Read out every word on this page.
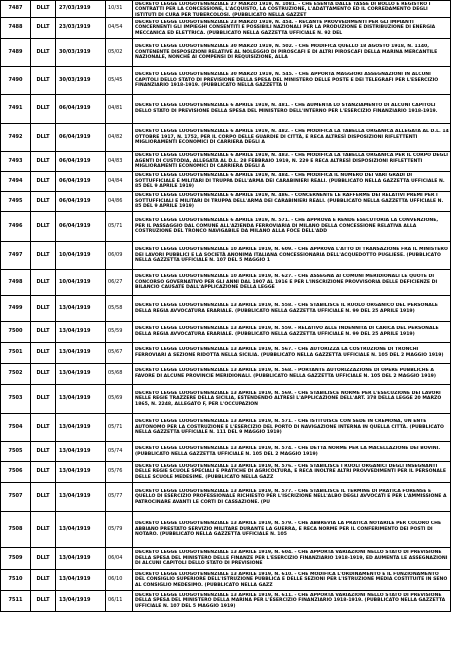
7487	DLLT	27/03/1919	10/31	DECRETO LEGGE LUOGOTENENZIALE 27 MARZO 1919, N. 1081. - CHE ESENTA DALLE TASSE DI BOLLO E REGISTRO I CONTRATTI PER LA CONCESSIONE, L'ACQUISTO, LA COSTRUZIONE, L'ADATTAMENTO ED IL CORREDAMENTO DEGLI ISTITUTI DI CURA PER TUBERCOLOSI. (PUBBLICATO NELLA GAZZET

7488	DLLT	23/03/1919	04/54	DECRETO LEGGE LUOGOTENENZIALE 23 MARZO 1919, N. 454. - RECANTE PROVVEDIMENTI PER GLI IMPIANTI CONCERNENTI GLI IMPIEGHI CONSENTITI E POSSIBILI NAZIONALI PER LA PRODUZIONE E DISTRIBUZIONE DI ENERGIA MECCANICA ED ELETTRICA. (PUBBLICATO NELLA GAZZETTA UFFICIALE N. 92 DEL

7489	DLLT	30/03/1919	05/02	DECRETO LEGGE LUOGOTENENZIALE 30 MARZO 1919, N. 502. - CHE MODIFICA QUELLO 18 AGOSTO 1918, N. 1140, CONTENENTE DISPOSIZIONI RELATIVE AL NOLEGGIO DI PIROSCAFI E DI ALTRI PIROSCAFI DELLA MARINA MERCANTILE NAZIONALE, NONCHÉ AI COMPENSI DI REQUISIZIONE, ALLA

7490	DLLT	30/03/1919	05/45	DECRETO LEGGE LUOGOTENENZIALE 30 MARZO 1919, N. 545. - CHE APPORTA MAGGIORI ASSEGNAZIONI IN ALCUNI CAPITOLI DELLO STATO DI PREVISIONE DELLA SPESA DEL MINISTERO DELLE POSTE E DEI TELEGRAFI PER L'ESERCIZIO FINANZIARIO 1918-1919. (PUBBLICATO NELLA GAZZETTA U

7491	DLLT	06/04/1919	04/81	DECRETO LEGGE LUOGOTENENZIALE 6 APRILE 1919, N. 481. - CHE AUMENTA LO STANZIAMENTO DI ALCUNI CAPITOLI DELLO STATO DI PREVISIONE DELLA SPESA DEL MINISTERO DELL'INTERNO PER L'ESERCIZIO FINANZIARIO 1918-1919.

7492	DLLT	06/04/1919	04/82	DECRETO LEGGE LUOGOTENENZIALE 6 APRILE 1919, N. 482. - CHE MODIFICA LA TABELLA ORGANICA ALLEGATA AL D.L. 14 OTTOBRE 1917, N. 1752, PER IL CORPO DELLE GUARDIE DI CITTÀ, E RECA ALTRESÌ DISPOSIZIONI RIFLETTENTI MIGLIORAMENTI ECONOMICI DI CARRIERA DEGLI A

7493	DLLT	06/04/1919	04/83	DECRETO LEGGE LUOGOTENENZIALE 6 APRILE 1919, N. 483. - CHE MODIFICA LA TABELLA ORGANICA PER IL CORPO DEGLI AGENTI DI CUSTODIA, ALLEGATA AL D.L. 28 FEBBRAIO 1919, N. 229 E RECA ALTRESÌ DISPOSIZIONI RIFLETTENTI MIGLIORAMENTI ECONOMICI DI CARRIERA DEGLI A

7494	DLLT	06/04/1919	04/84	DECRETO LEGGE LUOGOTENENZIALE 6 APRILE 1919, N. 484. - CHE MODIFICA IL NUMERO DEI VARI GRADI DI SOTTUFFICIALE E MILITARI DI TRUPPA DELL'ARMA DEI CARABINIERI REALI. (PUBBLICATO NELLA GAZZETTA UFFICIALE N. 85 DEL 9 APRILE 1919)

7495	DLLT	06/04/1919	04/86	DECRETO LEGGE LUOGOTENENZIALE 6 APRILE 1919, N. 486. - CONCERNENTE LE RAFFERME DEI RELATIVI PREMI PER I SOTTUFFICIALI E MILITARI DI TRUPPA DELL'ARMA DEI CARABINIERI REALI. (PUBBLICATO NELLA GAZZETTA UFFICIALE N. 85 DEL 9 APRILE 1919)

7496	DLLT	06/04/1919	05/71	DECRETO LEGGE LUOGOTENENZIALE 6 APRILE 1919, N. 571. - CHE APPROVA E RENDE ESECUTORIA LA CONVENZIONE, PER IL PASSAGGIO DAL COMUNE ALL'AZIENDA FERROVIARIA DI MILANO DELLA CONCESSIONE RELATIVA ALLA COSTRUZIONE DEL TRONCO NAVIGABILE DA MILANO ALLA FOCE DELL'ADD

7497	DLLT	10/04/1919	06/09	DECRETO LEGGE LUOGOTENENZIALE 10 APRILE 1919, N. 609. - CHE APPROVA L'ATTO DI TRANSAZIONE FRA IL MINISTERO DEI LAVORI PUBBLICI E LA SOCIETÀ ANONIMA ITALIANA CONCESSIONARIA DELL'ACQUEDOTTO PUGLIESE. (PUBBLICATO NELLA GAZZETTA UFFICIALE N. 107 DEL 5 MAGGIO 1

7498	DLLT	10/04/1919	06/27	DECRETO LEGGE LUOGOTENENZIALE 10 APRILE 1919, N. 627. - CHE ASSEGNA AI COMUNI MERIDIONALI LE QUOTE DI CONCORSO GOVERNATIVO PER GLI ANNI DAL 1907 AL 1916 E PER L'INSCRIZIONE PROVVISORIA DELLE DEFICIENZE DI BILANCIO CAUSATE DALL'APPLICAZIONE DELLA LEGGE

7499	DLLT	13/04/1919	05/58	DECRETO LEGGE LUOGOTENENZIALE 13 APRILE 1919, N. 558. - CHE STABILISCE IL RUOLO ORGANICO DEL PERSONALE DELLA REGIA AVVOCATURA ERARIALE. (PUBBLICATO NELLA GAZZETTA UFFICIALE N. 99 DEL 25 APRILE 1919)

7500	DLLT	13/04/1919	05/59	DECRETO LEGGE LUOGOTENENZIALE 13 APRILE 1919, N. 559. - RELATIVO ALLE INDENNITÀ DI CARICA DEL PERSONALE DELLA REGIA AVVOCATURA ERARIALE. (PUBBLICATO NELLA GAZZETTA UFFICIALE N. 99 DEL 25 APRILE 1919)

7501	DLLT	13/04/1919	05/67	DECRETO LEGGE LUOGOTENENZIALE 13 APRILE 1919, N. 567. - CHE AUTORIZZA LA COSTRUZIONE DI TRONCHI FERROVIARI A SEZIONE RIDOTTA NELLA SICILIA. (PUBBLICATO NELLA GAZZETTA UFFICIALE N. 105 DEL 2 MAGGIO 1919)

7502	DLLT	13/04/1919	05/68	DECRETO LEGGE LUOGOTENENZIALE 13 APRILE 1919, N. 568. - PORTANTE AUTORIZZAZIONE DI OPERE PUBBLICHE A FAVORE DI ALCUNE PROVINCIE MERIDIONALI. (PUBBLICATO NELLA GAZZETTA UFFICIALE N. 105 DEL 2 MAGGIO 1919)

7503	DLLT	13/04/1919	05/69	DECRETO LEGGE LUOGOTENENZIALE 13 APRILE 1919, N. 569. - CHE STABILISCE NORME PER L'ESECUZIONE DEI LAVORI NELLE REGIE TRAZZERE DELLA SICILIA, ESTENDENDO ALTRESÌ L'APPLICAZIONE DELL'ART. 378 DELLA LEGGE 20 MARZO 1865, N. 2248, ALLEGATO F, PER L'OCCUPAZION

7504	DLLT	13/04/1919	05/71	DECRETO LEGGE LUOGOTENENZIALE 13 APRILE 1919, N. 571. - CHE ISTITUISCE CON SEDE IN CREMONA, UN ENTE AUTONOMO PER LA COSTRUZIONE E L'ESERCIZIO DEL PORTO DI NAVIGAZIONE INTERNA IN QUELLA CITTÀ. (PUBBLICATO NELLA GAZZETTA UFFICIALE N. 111 DEL 9 MAGGIO 1919)

7505	DLLT	13/04/1919	05/74	DECRETO LEGGE LUOGOTENENZIALE 13 APRILE 1919, N. 574. - CHE DETTA NORME PER LA MACELLAZIONE DEI BOVINI. (PUBBLICATO NELLA GAZZETTA UFFICIALE N. 105 DEL 2 MAGGIO 1919)

7506	DLLT	13/04/1919	05/76	DECRETO LEGGE LUOGOTENENZIALE 13 APRILE 1919, N. 576. - CHE STABILISCE I RUOLI ORGANICI DEGLI INSEGNANTI DELLE REGIE SCUOLE SPECIALI E PRATICHE DI AGRICOLTURA, E RECA INOLTRE ALTRI PROVVEDIMENTI PER IL PERSONALE DELLE SCUOLE MEDESIME. (PUBBLICATO NELLA GAZZ

7507	DLLT	13/04/1919	05/77	DECRETO LEGGE LUOGOTENENZIALE 13 APRILE 1919, N. 577. - CHE STABILISCE IL TERMINE DI PRATICA FORENSE E QUELLO DI ESERCIZIO PROFESSIONALE RICHIESTO PER L'ISCRIZIONE NELL'ALBO DEGLI AVVOCATI E PER L'AMMISSIONE A PATROCINARE AVANTI LE CORTI DI CASSAZIONE. (PU

7508	DLLT	13/04/1919	05/79	DECRETO LEGGE LUOGOTENENZIALE 13 APRILE 1919, N. 579. - CHE ABBREVIA LA PRATICA NOTARILE PER COLORO CHE ABBIANO PRESTATO SERVIZIO MILITARE DURANTE LA GUERRA, E RECA NORME PER IL CONFERIMENTO DEI POSTI DI NOTARO. (PUBBLICATO NELLA GAZZETTA UFFICIALE N. 105

7509	DLLT	13/04/1919	06/04	DECRETO LEGGE LUOGOTENENZIALE 13 APRILE 1919, N. 604. - CHE APPORTA VARIAZIONI NELLO STATO DI PREVISIONE DELLA SPESA DEL MINISTERO DELLE FINANZE PER L'ESERCIZIO FINANZIARIO 1918-1919, ED AUMENTA LE ASSEGNAZIONI DI ALCUNI CAPITOLI DELLO STATO DI PREVISIONE

7510	DLLT	13/04/1919	06/10	DECRETO LEGGE LUOGOTENENZIALE 13 APRILE 1919, N. 610. - CHE MODIFICA L'ORDINAMENTO E IL FUNZIONAMENTO DEL CONSIGLIO SUPERIORE DELL'ISTRUZIONE PUBBLICA E DELLE SEZIONI PER L'ISTRUZIONE MEDIA COSTITUITE IN SENO AL CONSIGLIO MEDESIMO. (PUBBLICATO NELLA GAZZ

7511	DLLT	13/04/1919	06/11	DECRETO LEGGE LUOGOTENENZIALE 13 APRILE 1919, N. 611. - CHE APPORTA VARIAZIONI NELLO STATO DI PREVISIONE DELLA SPESA DEL MINISTERO DELLA MARINA PER L'ESERCIZIO FINANZIARIO 1918-1919. (PUBBLICATO NELLA GAZZETTA UFFICIALE N. 107 DEL 5 MAGGIO 1919)
